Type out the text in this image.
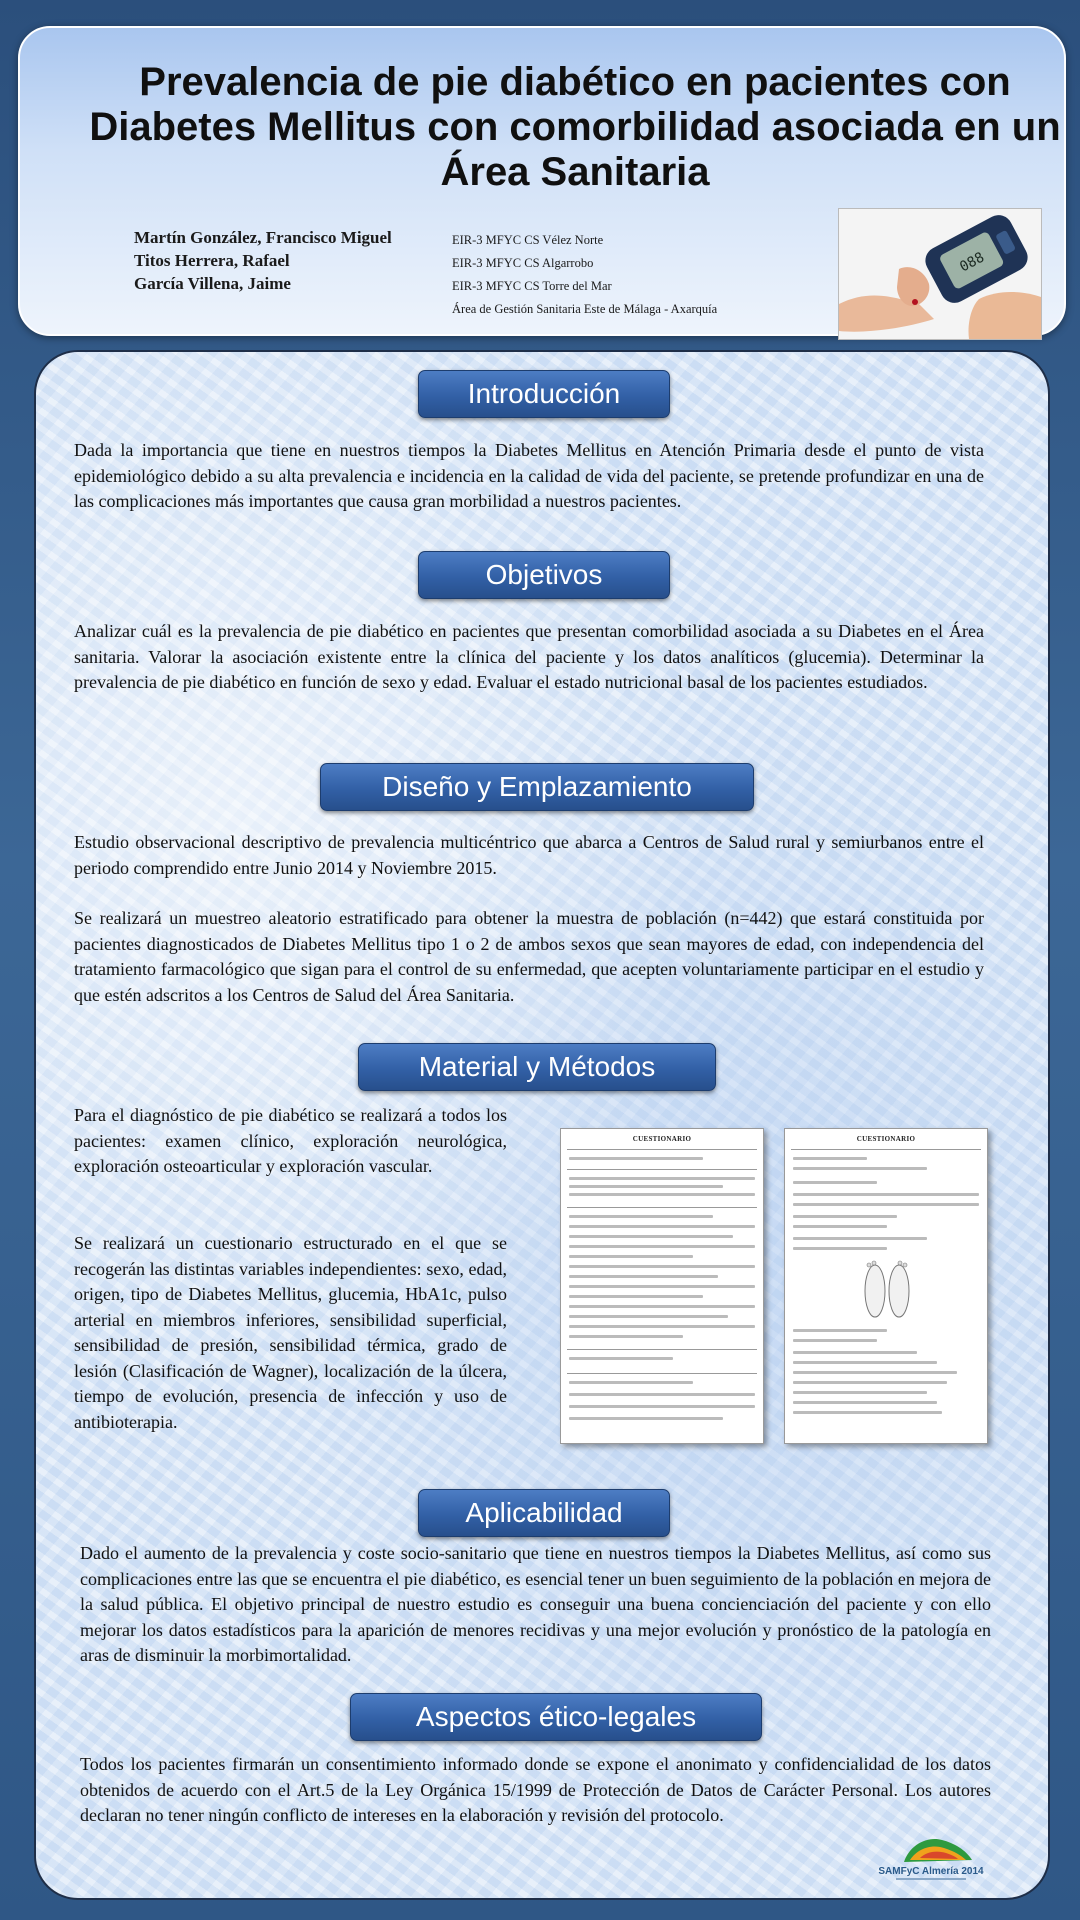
Prevalencia de pie diabético en pacientes con Diabetes Mellitus con comorbilidad asociada en un Área Sanitaria
Martín González, Francisco Miguel
Titos Herrera, Rafael
García Villena, Jaime
EIR-3 MFYC CS Vélez Norte
EIR-3 MFYC CS Algarrobo
EIR-3 MFYC CS Torre del Mar
Área de Gestión Sanitaria Este de Málaga - Axarquía
088
Introducción

Dada la importancia que tiene en nuestros tiempos la Diabetes Mellitus en Atención Primaria desde el punto de vista epidemiológico debido a su alta prevalencia e incidencia en la calidad de vida del paciente, se pretende profundizar en una de las complicaciones más importantes que causa gran morbilidad a nuestros pacientes.

Objetivos

Analizar cuál es la prevalencia de pie diabético en pacientes que presentan comorbilidad asociada a su Diabetes en el Área sanitaria. Valorar la asociación existente entre la clínica del paciente y los datos analíticos (glucemia). Determinar la prevalencia de pie diabético en función de sexo y edad. Evaluar el estado nutricional basal de los pacientes estudiados.

Diseño y Emplazamiento

Estudio observacional descriptivo de prevalencia multicéntrico que abarca a Centros de Salud rural y semiurbanos entre el periodo comprendido entre Junio 2014 y Noviembre 2015.

Se realizará un muestreo aleatorio estratificado para obtener la muestra de población (n=442) que estará constituida por pacientes diagnosticados de Diabetes Mellitus tipo 1 o 2 de ambos sexos que sean mayores de edad, con independencia del tratamiento farmacológico que sigan para el control de su enfermedad, que acepten voluntariamente participar en el estudio y que estén adscritos a los Centros de Salud del Área Sanitaria.

Material y Métodos

Para el diagnóstico de pie diabético se realizará a todos los pacientes: examen clínico, exploración neurológica, exploración osteoarticular y exploración vascular.

Se realizará un cuestionario estructurado en el que se recogerán las distintas variables independientes: sexo, edad, origen, tipo de Diabetes Mellitus, glucemia, HbA1c, pulso arterial en miembros inferiores, sensibilidad superficial, sensibilidad de presión, sensibilidad térmica, grado de lesión (Clasificación de Wagner), localización de la úlcera, tiempo de evolución, presencia de infección y uso de antibioterapia.

CUESTIONARIO	CUESTIONARIO
Aplicabilidad

Dado el aumento de la prevalencia y coste socio-sanitario que tiene en nuestros tiempos la Diabetes Mellitus, así como sus complicaciones entre las que se encuentra el pie diabético, es esencial tener un buen seguimiento de la población en mejora de la salud pública. El objetivo principal de nuestro estudio es conseguir una buena concienciación del paciente y con ello mejorar los datos estadísticos para la aparición de menores recidivas y una mejor evolución y pronóstico de la patología en aras de disminuir la morbimortalidad.

Aspectos ético-legales

Todos los pacientes firmarán un consentimiento informado donde se expone el anonimato y confidencialidad de los datos obtenidos de acuerdo con el Art.5 de la Ley Orgánica 15/1999 de Protección de Datos de Carácter Personal. Los autores declaran no tener ningún conflicto de intereses en la elaboración y revisión del protocolo.

SAMFyC Almería 2014
